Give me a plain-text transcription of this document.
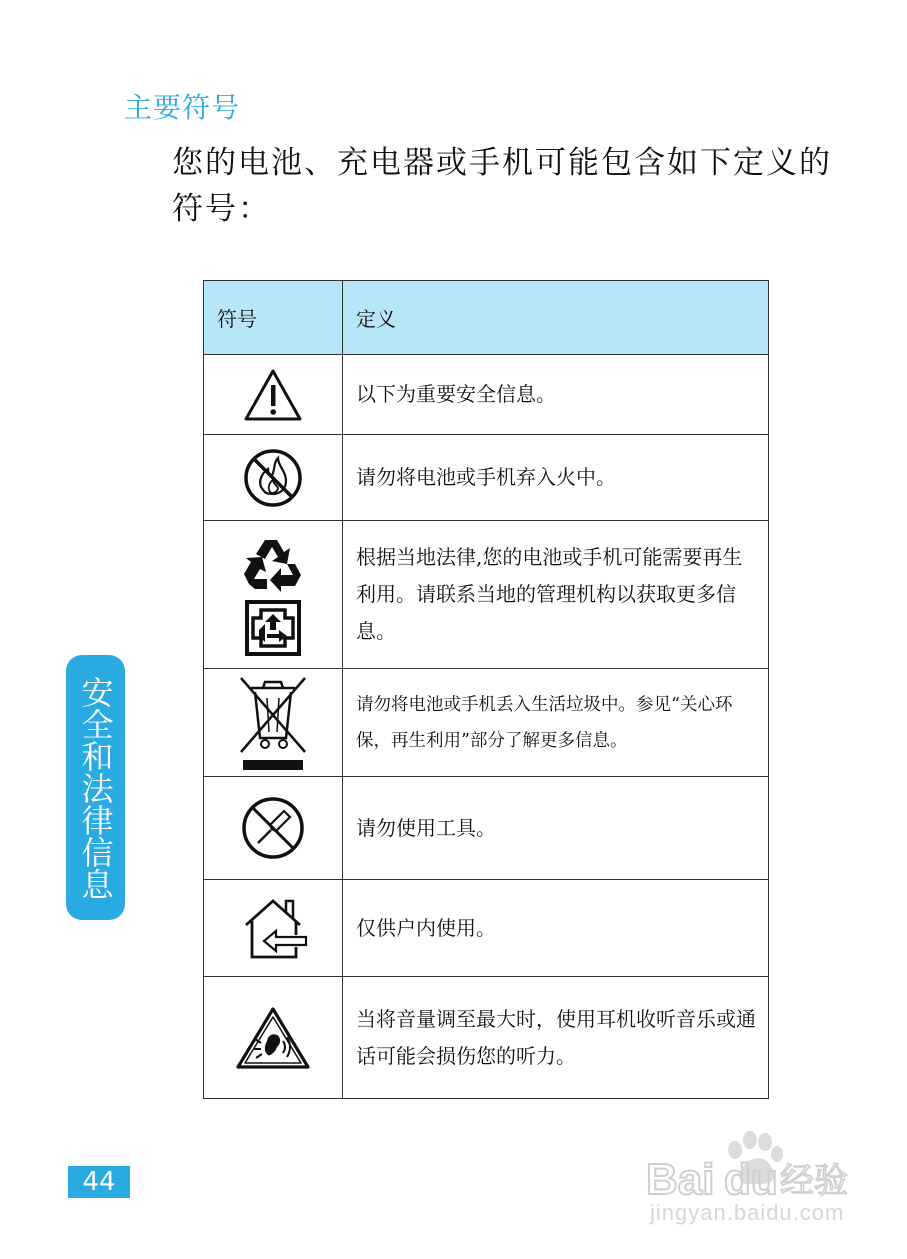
主要符号
您的电池、充电器或手机可能包含如下定义的符号：
符号	定义

	以下为重要安全信息。

	请勿将电池或手机弃入火中。

	根据当地法律,您的电池或手机可能需要再生利用。请联系当地的管理机构以获取更多信息。

	请勿将电池或手机丢入生活垃圾中。参见“关心环保，再生利用”部分了解更多信息。

	请勿使用工具。

	仅供户内使用。

	当将音量调至最大时，使用耳机收听音乐或通话可能会损伤您的听力。
安全和法律信息
44	Bai du 经验
jingyan.baidu.com
